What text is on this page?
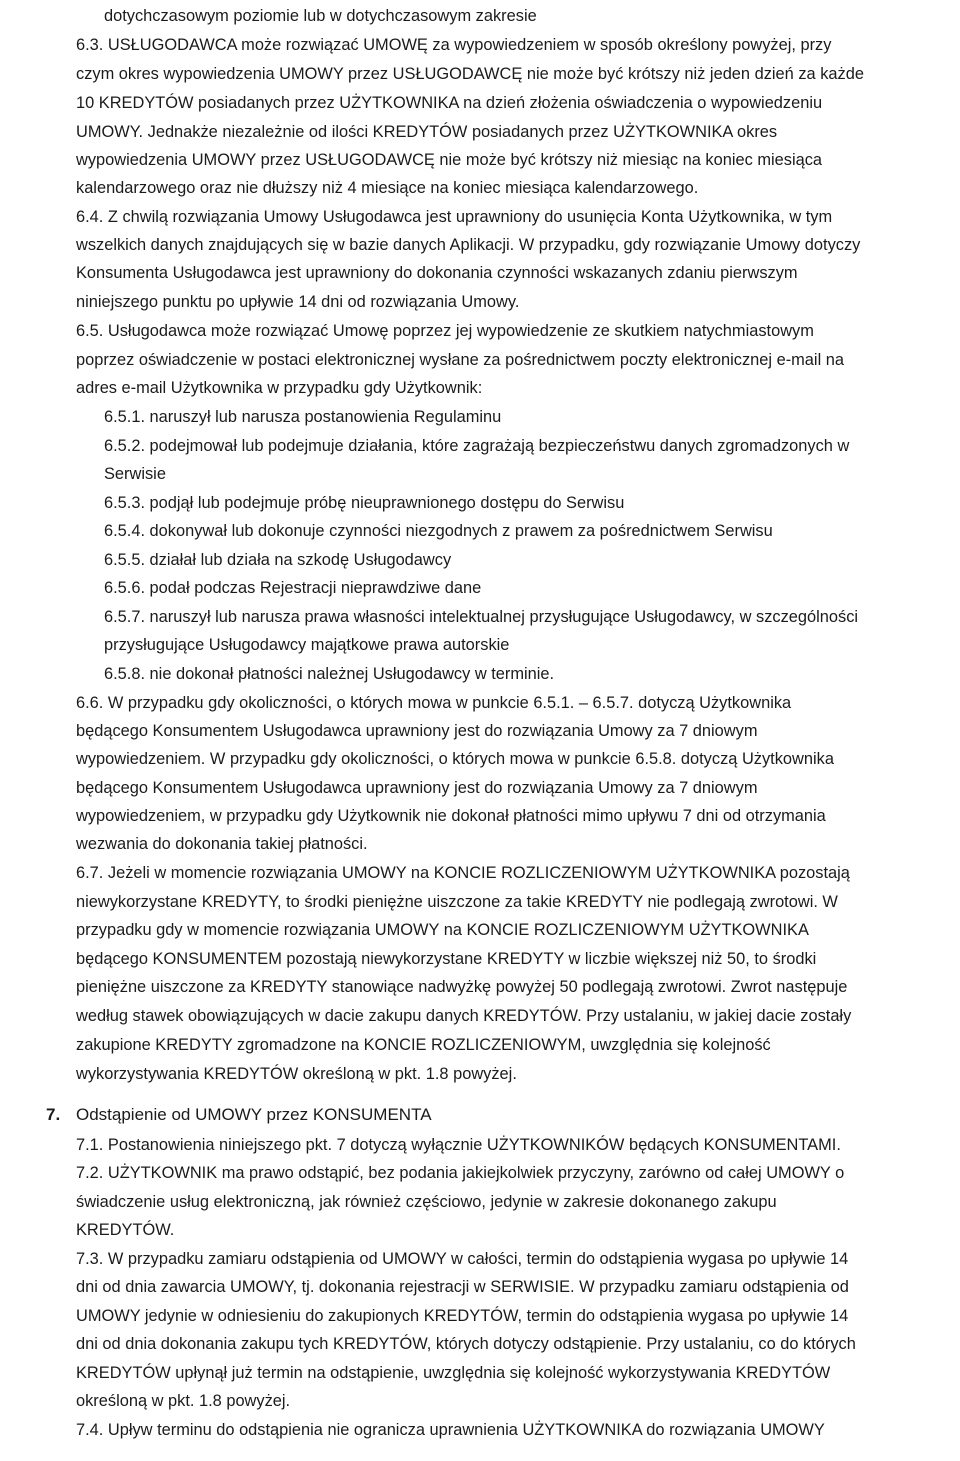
dotychczasowym poziomie lub w dotychczasowym zakresie
6.3. USŁUGODAWCA może rozwiązać UMOWĘ za wypowiedzeniem w sposób określony powyżej, przy
czym okres wypowiedzenia UMOWY przez USŁUGODAWCĘ nie może być krótszy niż jeden dzień za każde
10 KREDYTÓW posiadanych przez UŻYTKOWNIKA na dzień złożenia oświadczenia o wypowiedzeniu
UMOWY. Jednakże niezależnie od ilości KREDYTÓW posiadanych przez UŻYTKOWNIKA okres
wypowiedzenia UMOWY przez USŁUGODAWCĘ nie może być krótszy niż miesiąc na koniec miesiąca
kalendarzowego oraz nie dłuższy niż 4 miesiące na koniec miesiąca kalendarzowego.
6.4. Z chwilą rozwiązania Umowy Usługodawca jest uprawniony do usunięcia Konta Użytkownika, w tym
wszelkich danych znajdujących się w bazie danych Aplikacji. W przypadku, gdy rozwiązanie Umowy dotyczy
Konsumenta Usługodawca jest uprawniony do dokonania czynności wskazanych zdaniu pierwszym
niniejszego punktu po upływie 14 dni od rozwiązania Umowy.
6.5. Usługodawca może rozwiązać Umowę poprzez jej wypowiedzenie ze skutkiem natychmiastowym
poprzez oświadczenie w postaci elektronicznej wysłane za pośrednictwem poczty elektronicznej e-mail na
adres e-mail Użytkownika w przypadku gdy Użytkownik:
6.5.1. naruszył lub narusza postanowienia Regulaminu
6.5.2. podejmował lub podejmuje działania, które zagrażają bezpieczeństwu danych zgromadzonych w
Serwisie
6.5.3. podjął lub podejmuje próbę nieuprawnionego dostępu do Serwisu
6.5.4. dokonywał lub dokonuje czynności niezgodnych z prawem za pośrednictwem Serwisu
6.5.5. działał lub działa na szkodę Usługodawcy
6.5.6. podał podczas Rejestracji nieprawdziwe dane
6.5.7. naruszył lub narusza prawa własności intelektualnej przysługujące Usługodawcy, w szczególności
przysługujące Usługodawcy majątkowe prawa autorskie
6.5.8. nie dokonał płatności należnej Usługodawcy w terminie.
6.6. W przypadku gdy okoliczności, o których mowa w punkcie 6.5.1. – 6.5.7. dotyczą Użytkownika
będącego Konsumentem Usługodawca uprawniony jest do rozwiązania Umowy za 7 dniowym
wypowiedzeniem. W przypadku gdy okoliczności, o których mowa w punkcie 6.5.8. dotyczą Użytkownika
będącego Konsumentem Usługodawca uprawniony jest do rozwiązania Umowy za 7 dniowym
wypowiedzeniem, w przypadku gdy Użytkownik nie dokonał płatności mimo upływu 7 dni od otrzymania
wezwania do dokonania takiej płatności.
6.7. Jeżeli w momencie rozwiązania UMOWY na KONCIE ROZLICZENIOWYM UŻYTKOWNIKA pozostają
niewykorzystane KREDYTY, to środki pieniężne uiszczone za takie KREDYTY nie podlegają zwrotowi. W
przypadku gdy w momencie rozwiązania UMOWY na KONCIE ROZLICZENIOWYM UŻYTKOWNIKA
będącego KONSUMENTEM pozostają niewykorzystane KREDYTY w liczbie większej niż 50, to środki
pieniężne uiszczone za KREDYTY stanowiące nadwyżkę powyżej 50 podlegają zwrotowi. Zwrot następuje
według stawek obowiązujących w dacie zakupu danych KREDYTÓW. Przy ustalaniu, w jakiej dacie zostały
zakupione KREDYTY zgromadzone na KONCIE ROZLICZENIOWYM, uwzględnia się kolejność
wykorzystywania KREDYTÓW określoną w pkt. 1.8 powyżej.
7. Odstąpienie od UMOWY przez KONSUMENTA
7.1. Postanowienia niniejszego pkt. 7 dotyczą wyłącznie UŻYTKOWNIKÓW będących KONSUMENTAMI.
7.2. UŻYTKOWNIK ma prawo odstąpić, bez podania jakiejkolwiek przyczyny, zarówno od całej UMOWY o
świadczenie usług elektroniczną, jak również częściowo, jedynie w zakresie dokonanego zakupu
KREDYTÓW.
7.3. W przypadku zamiaru odstąpienia od UMOWY w całości, termin do odstąpienia wygasa po upływie 14
dni od dnia zawarcia UMOWY, tj. dokonania rejestracji w SERWISIE. W przypadku zamiaru odstąpienia od
UMOWY jedynie w odniesieniu do zakupionych KREDYTÓW, termin do odstąpienia wygasa po upływie 14
dni od dnia dokonania zakupu tych KREDYTÓW, których dotyczy odstąpienie. Przy ustalaniu, co do których
KREDYTÓW upłynął już termin na odstąpienie, uwzględnia się kolejność wykorzystywania KREDYTÓW
określoną w pkt. 1.8 powyżej.
7.4. Upływ terminu do odstąpienia nie ogranicza uprawnienia UŻYTKOWNIKA do rozwiązania UMOWY
